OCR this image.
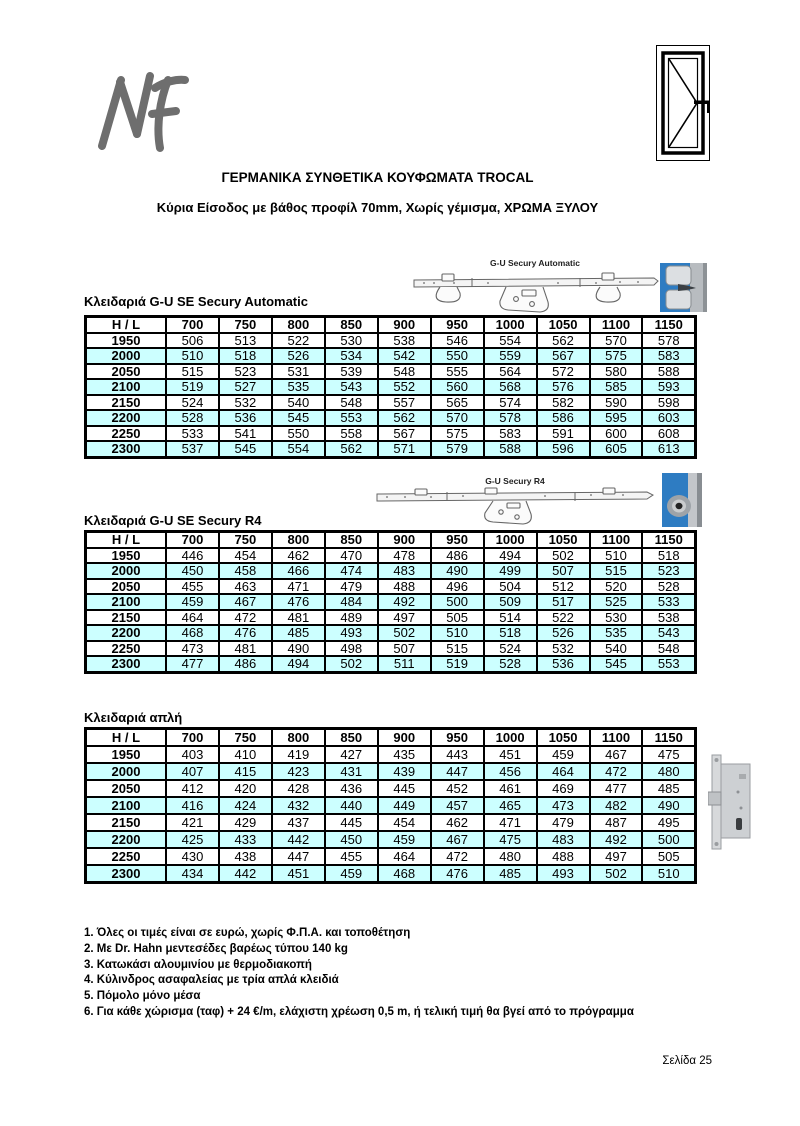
ΓΕΡΜΑΝΙΚΑ ΣΥΝΘΕΤΙΚΑ ΚΟΥΦΩΜΑΤΑ TROCAL
Κύρια Είσοδος με βάθος προφίλ 70mm, Χωρίς γέμισμα, ΧΡΩΜΑ ΞΥΛΟΥ
G-U Secury Automatic
Κλειδαριά G-U SE Secury Automatic
H / L	700	750	800	850	900	950	1000	1050	1100	1150
1950	506	513	522	530	538	546	554	562	570	578
2000	510	518	526	534	542	550	559	567	575	583
2050	515	523	531	539	548	555	564	572	580	588
2100	519	527	535	543	552	560	568	576	585	593
2150	524	532	540	548	557	565	574	582	590	598
2200	528	536	545	553	562	570	578	586	595	603
2250	533	541	550	558	567	575	583	591	600	608
2300	537	545	554	562	571	579	588	596	605	613
G-U Secury R4
Κλειδαριά G-U SE Secury R4
H / L	700	750	800	850	900	950	1000	1050	1100	1150
1950	446	454	462	470	478	486	494	502	510	518
2000	450	458	466	474	483	490	499	507	515	523
2050	455	463	471	479	488	496	504	512	520	528
2100	459	467	476	484	492	500	509	517	525	533
2150	464	472	481	489	497	505	514	522	530	538
2200	468	476	485	493	502	510	518	526	535	543
2250	473	481	490	498	507	515	524	532	540	548
2300	477	486	494	502	511	519	528	536	545	553
Κλειδαριά απλή
H / L	700	750	800	850	900	950	1000	1050	1100	1150
1950	403	410	419	427	435	443	451	459	467	475
2000	407	415	423	431	439	447	456	464	472	480
2050	412	420	428	436	445	452	461	469	477	485
2100	416	424	432	440	449	457	465	473	482	490
2150	421	429	437	445	454	462	471	479	487	495
2200	425	433	442	450	459	467	475	483	492	500
2250	430	438	447	455	464	472	480	488	497	505
2300	434	442	451	459	468	476	485	493	502	510
1. Όλες οι τιμές είναι σε ευρώ, χωρίς Φ.Π.Α. και τοποθέτηση
2. Με Dr. Hahn μεντεσέδες βαρέως τύπου 140 kg
3. Κατωκάσι αλουμινίου με θερμοδιακοπή
4. Κύλινδρος ασαφαλείας με τρία απλά κλειδιά
5. Πόμολο μόνο μέσα
6. Για κάθε χώρισμα (ταφ) + 24 €/m, ελάχιστη χρέωση 0,5 m, ή τελική τιμή θα βγεί από το πρόγραμμα
Σελίδα 25
